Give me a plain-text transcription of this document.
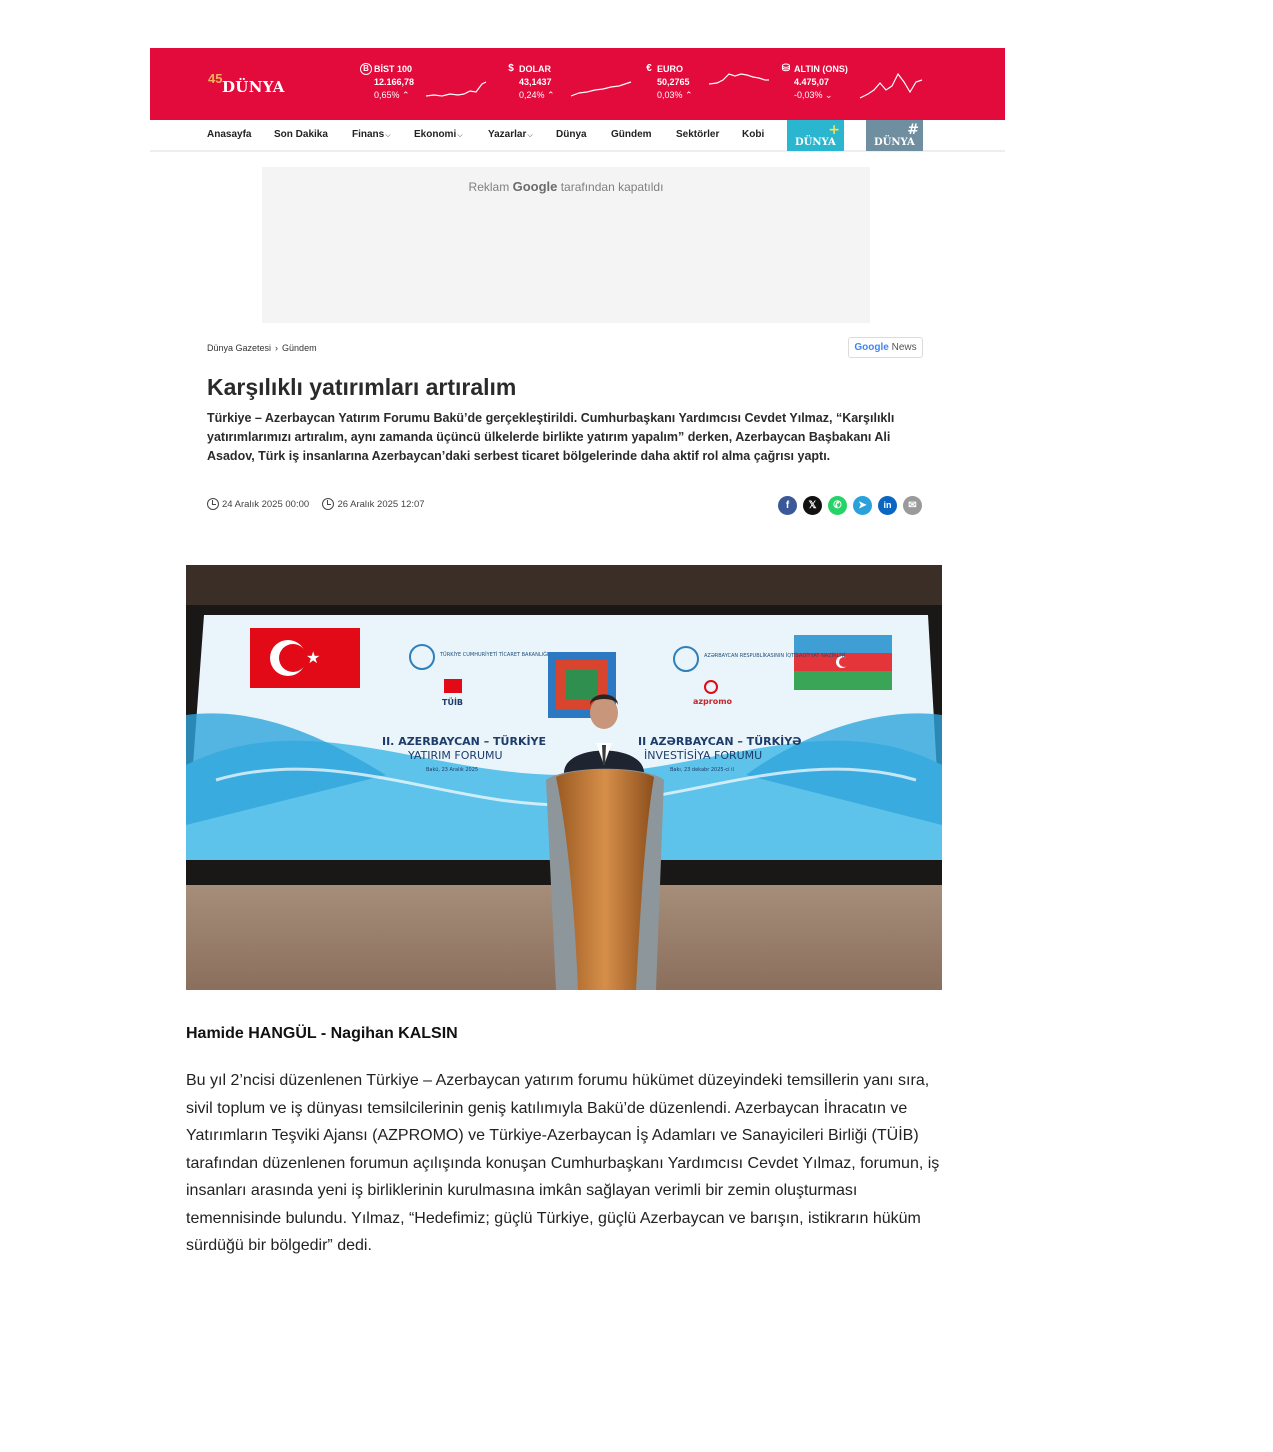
45 DÜNYA
B BİST 100
12.166,78
0,65% ⌃
$ DOLAR
43,1437
0,24% ⌃
€ EURO
50,2765
0,03% ⌃
⛁ ALTIN (ONS)
4.475,07
-0,03% ⌄
Anasayfa Son Dakika Finans⌵ Ekonomi⌵	Yazarlar⌵ Dünya Gündem Sektörler Kobi
DÜNYA
+
DÜNYA
#
Reklam Google tarafından kapatıldı
Dünya Gazetesi › Gündem	Google News
Karşılıklı yatırımları artıralım

Türkiye – Azerbaycan Yatırım Forumu Bakü’de gerçekleştirildi. Cumhurbaşkanı Yardımcısı Cevdet Yılmaz, “Karşılıklı yatırımlarımızı artıralım, aynı zamanda üçüncü ülkelerde birlikte yatırım yapalım” derken, Azerbaycan Başbakanı Ali Asadov, Türk iş insanlarına Azerbaycan’daki serbest ticaret bölgelerinde daha aktif rol alma çağrısı yaptı.

24 Aralık 2025 00:00	26 Aralık 2025 12:07	f	𝕏	✆	➤	in	✉
★	TÜRKİYE CUMHURİYETİ TİCARET BAKANLIĞI
TÜİB
AZƏRBAYCAN RESPUBLİKASININ İQTİSADİYYAT NAZİRLİYİ
azpromo
II. AZERBAYCAN – TÜRKİYE
YATIRIM FORUMU
Bakü, 23 Aralık 2025
II AZƏRBAYCAN – TÜRKİYƏ
İNVESTİSİYA FORUMU
Bakı, 23 dekabr 2025-ci il
Hamide HANGÜL - Nagihan KALSIN

Bu yıl 2’ncisi düzenlenen Türkiye – Azerbaycan yatırım forumu hükümet düzeyindeki temsillerin yanı sıra, sivil toplum ve iş dünyası temsilcilerinin geniş katılımıyla Bakü’de düzenlendi. Azerbaycan İhracatın ve Yatırımların Teşviki Ajansı (AZPROMO) ve Türkiye-Azerbaycan İş Adamları ve Sanayicileri Birliği (TÜİB) tarafından düzenlenen forumun açılışında konuşan Cumhurbaşkanı Yardımcısı Cevdet Yılmaz, forumun, iş insanları arasında yeni iş birliklerinin kurulmasına imkân sağlayan verimli bir zemin oluşturması temennisinde bulundu. Yılmaz, “Hedefimiz; güçlü Türkiye, güçlü Azerbaycan ve barışın, istikrarın hüküm sürdüğü bir bölgedir” dedi.
